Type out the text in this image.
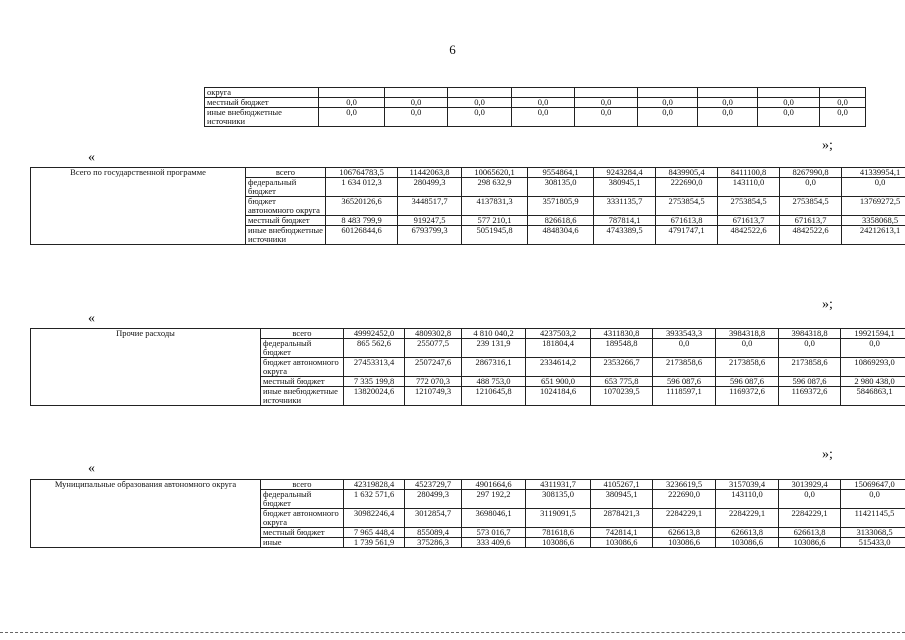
6
округа									
местный бюджет	0,0	0,0	0,0	0,0	0,0	0,0	0,0	0,0	0,0
иные внебюджетные источники	0,0	0,0	0,0	0,0	0,0	0,0	0,0	0,0	0,0
»;
«
Всего по государственной программе	всего	106764783,5	11442063,8	10065620,1	9554864,1	9243284,4	8439905,4	8411100,8	8267990,8	41339954,1
	федеральный бюджет	1 634 012,3	280499,3	298 632,9	308135,0	380945,1	222690,0	143110,0	0,0	0,0
	бюджет автономного округа	36520126,6	3448517,7	4137831,3	3571805,9	3331135,7	2753854,5	2753854,5	2753854,5	13769272,5
	местный бюджет	8 483 799,9	919247,5	577 210,1	826618,6	787814,1	671613,8	671613,7	671613,7	3358068,5
	иные внебюджетные источники	60126844,6	6793799,3	5051945,8	4848304,6	4743389,5	4791747,1	4842522,6	4842522,6	24212613,1
»;
«
Прочие расходы	всего	49992452,0	4809302,8	4 810 040,2	4237503,2	4311830,8	3933543,3	3984318,8	3984318,8	19921594,1
	федеральный бюджет	865 562,6	255077,5	239 131,9	181804,4	189548,8	0,0	0,0	0,0	0,0
	бюджет автономного округа	27453313,4	2507247,6	2867316,1	2334614,2	2353266,7	2173858,6	2173858,6	2173858,6	10869293,0
	местный бюджет	7 335 199,8	772 070,3	488 753,0	651 900,0	653 775,8	596 087,6	596 087,6	596 087,6	2 980 438,0
	иные внебюджетные источники	13820024,6	1210749,3	1210645,8	1024184,6	1070239,5	1118597,1	1169372,6	1169372,6	5846863,1
»;
«
Муниципальные образования автономного округа	всего	42319828,4	4523729,7	4901664,6	4311931,7	4105267,1	3236619,5	3157039,4	3013929,4	15069647,0
	федеральный бюджет	1 632 571,6	280499,3	297 192,2	308135,0	380945,1	222690,0	143110,0	0,0	0,0
	бюджет автономного округа	30982246,4	3012854,7	3698046,1	3119091,5	2878421,3	2284229,1	2284229,1	2284229,1	11421145,5
	местный бюджет	7 965 448,4	855089,4	573 016,7	781618,6	742814,1	626613,8	626613,8	626613,8	3133068,5
	иные	1 739 561,9	375286,3	333 409,6	103086,6	103086,6	103086,6	103086,6	103086,6	515433,0
